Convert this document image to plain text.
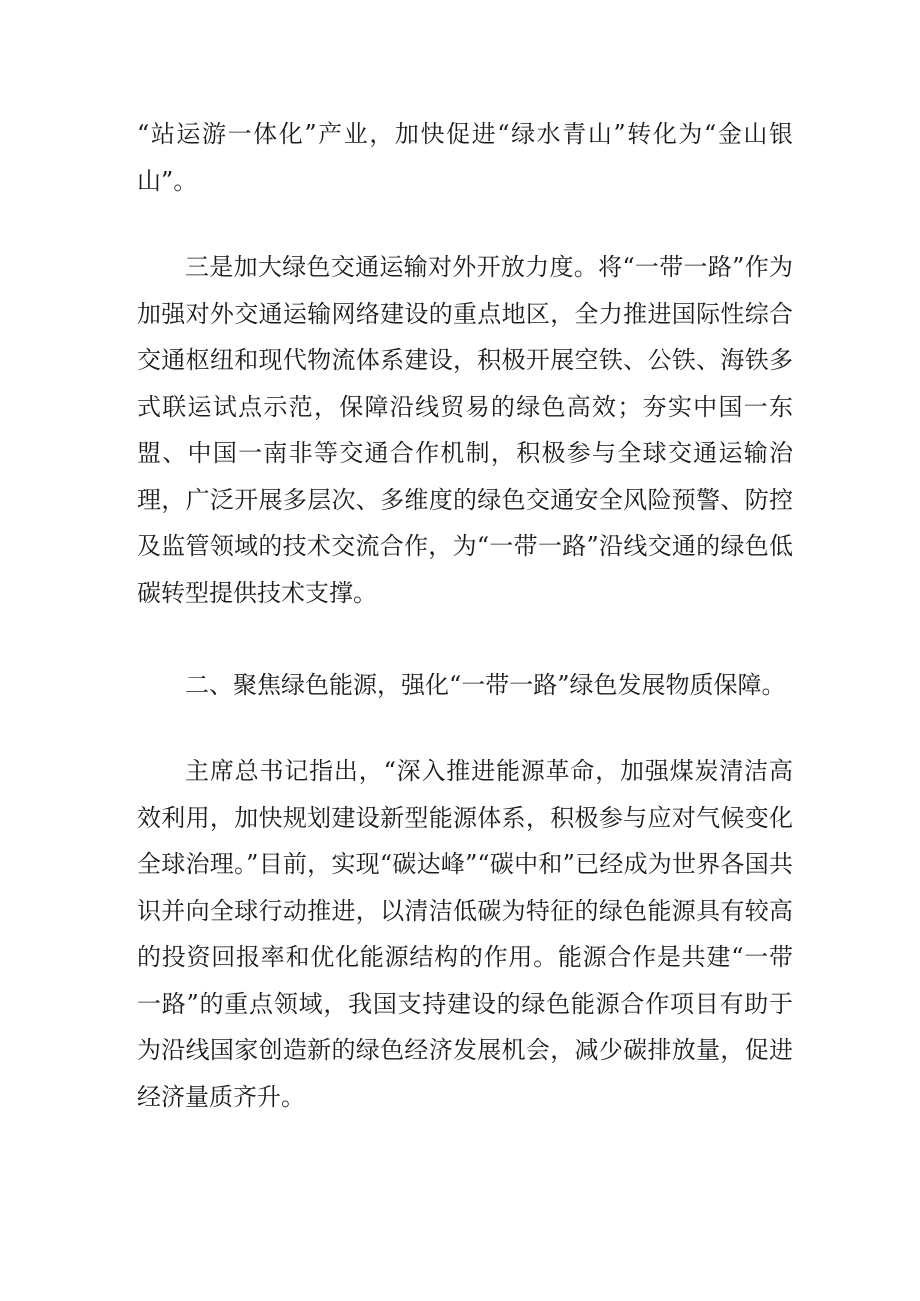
“站运游一体化”产业，加快促进“绿水青山”转化为“金山银山”。

三是加大绿色交通运输对外开放力度。将“一带一路”作为加强对外交通运输网络建设的重点地区，全力推进国际性综合交通枢纽和现代物流体系建设，积极开展空铁、公铁、海铁多式联运试点示范，保障沿线贸易的绿色高效；夯实中国一东盟、中国一南非等交通合作机制，积极参与全球交通运输治理，广泛开展多层次、多维度的绿色交通安全风险预警、防控及监管领域的技术交流合作，为“一带一路”沿线交通的绿色低碳转型提供技术支撑。

二、聚焦绿色能源，强化“一带一路”绿色发展物质保障。

主席总书记指出，“深入推进能源革命，加强煤炭清洁高效利用，加快规划建设新型能源体系，积极参与应对气候变化全球治理。”目前，实现“碳达峰”“碳中和”已经成为世界各国共识并向全球行动推进，以清洁低碳为特征的绿色能源具有较高的投资回报率和优化能源结构的作用。能源合作是共建“一带一路”的重点领域，我国支持建设的绿色能源合作项目有助于为沿线国家创造新的绿色经济发展机会，减少碳排放量，促进经济量质齐升。
